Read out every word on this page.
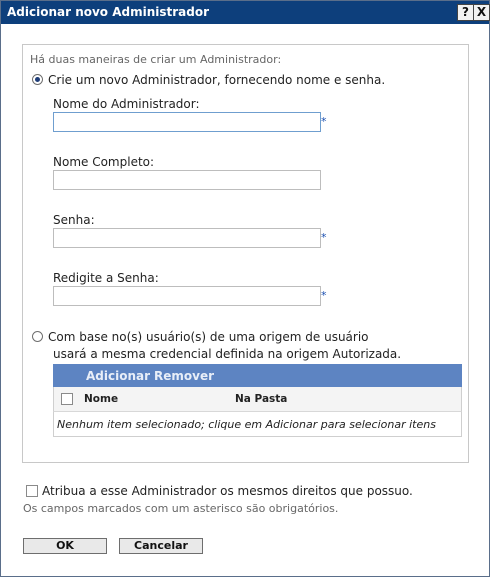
Adicionar novo Administrador	? X
Há duas maneiras de criar um Administrador:
Crie um novo Administrador, fornecendo nome e senha.
Nome do Administrador:
*
Nome Completo:
Senha:
*
Redigite a Senha:
*
Com base no(s) usuário(s) de uma origem de usuário
usará a mesma credencial definida na origem Autorizada.
Adicionar Remover
Nome	Na Pasta
Nenhum item selecionado; clique em Adicionar para selecionar itens
Atribua a esse Administrador os mesmos direitos que possuo.
Os campos marcados com um asterisco são obrigatórios.
OK	Cancelar
